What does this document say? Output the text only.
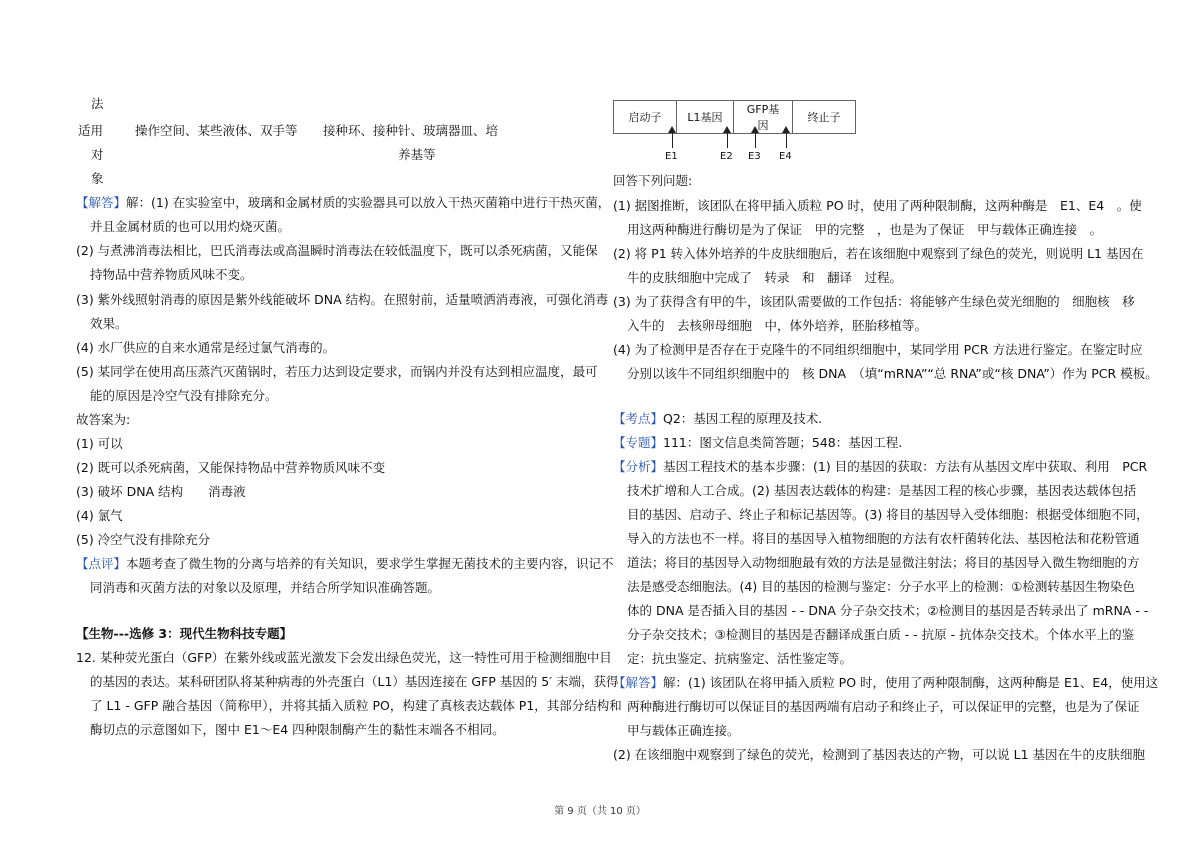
法
适用	操作空间、某些液体、双手等 接种环、接种针、玻璃器皿、培
对	养基等
象
【解答】解：(1) 在实验室中，玻璃和金属材质的实验器具可以放入干热灭菌箱中进行干热灭菌，
并且金属材质的也可以用灼烧灭菌。
(2) 与煮沸消毒法相比，巴氏消毒法或高温瞬时消毒法在较低温度下，既可以杀死病菌，又能保
持物品中营养物质风味不变。
(3) 紫外线照射消毒的原因是紫外线能破坏 DNA 结构。在照射前，适量喷洒消毒液，可强化消毒
效果。
(4) 水厂供应的自来水通常是经过氯气消毒的。
(5) 某同学在使用高压蒸汽灭菌锅时，若压力达到设定要求，而锅内并没有达到相应温度，最可
能的原因是冷空气没有排除充分。
故答案为:
(1) 可以
(2) 既可以杀死病菌，又能保持物品中营养物质风味不变
(3) 破坏 DNA 结构　　消毒液
(4) 氯气
(5) 冷空气没有排除充分
【点评】本题考查了微生物的分离与培养的有关知识，要求学生掌握无菌技术的主要内容，识记不
同消毒和灭菌方法的对象以及原理，并结合所学知识准确答题。
【生物---选修 3：现代生物科技专题】
12. 某种荧光蛋白（GFP）在紫外线或蓝光激发下会发出绿色荧光，这一特性可用于检测细胞中目
的基因的表达。某科研团队将某种病毒的外壳蛋白（L1）基因连接在 GFP 基因的 5′ 末端，获得
了 L1 - GFP 融合基因（简称甲），并将其插入质粒 PO，构建了真核表达载体 P1，其部分结构和
酶切点的示意图如下，图中 E1～E4 四种限制酶产生的黏性末端各不相同。
启动子	L1基因	GFP基因	终止子
E1	E2 E3 E4
回答下列问题:
(1) 据图推断，该团队在将甲插入质粒 PO 时，使用了两种限制酶，这两种酶是　E1、E4　。使
用这两种酶进行酶切是为了保证　甲的完整　，也是为了保证　甲与载体正确连接　。
(2) 将 P1 转入体外培养的牛皮肤细胞后，若在该细胞中观察到了绿色的荧光，则说明 L1 基因在
牛的皮肤细胞中完成了　转录　和　翻译　过程。
(3) 为了获得含有甲的牛，该团队需要做的工作包括：将能够产生绿色荧光细胞的　细胞核　移
入牛的　去核卵母细胞　中，体外培养，胚胎移植等。
(4) 为了检测甲是否存在于克隆牛的不同组织细胞中，某同学用 PCR 方法进行鉴定。在鉴定时应
分别以该牛不同组织细胞中的　核 DNA　（填“mRNA”“总 RNA”或“核 DNA”）作为 PCR 模板。
【考点】Q2：基因工程的原理及技术.
【专题】111：图文信息类简答题；548：基因工程.
【分析】基因工程技术的基本步骤：(1) 目的基因的获取：方法有从基因文库中获取、利用　PCR
技术扩增和人工合成。(2) 基因表达载体的构建：是基因工程的核心步骤，基因表达载体包括
目的基因、启动子、终止子和标记基因等。(3) 将目的基因导入受体细胞：根据受体细胞不同，
导入的方法也不一样。将目的基因导入植物细胞的方法有农杆菌转化法、基因枪法和花粉管通
道法；将目的基因导入动物细胞最有效的方法是显微注射法；将目的基因导入微生物细胞的方
法是感受态细胞法。(4) 目的基因的检测与鉴定：分子水平上的检测：①检测转基因生物染色
体的 DNA 是否插入目的基因 - - DNA 分子杂交技术；②检测目的基因是否转录出了 mRNA - -
分子杂交技术；③检测目的基因是否翻译成蛋白质 - - 抗原 - 抗体杂交技术。个体水平上的鉴
定：抗虫鉴定、抗病鉴定、活性鉴定等。
【解答】解：(1) 该团队在将甲插入质粒 PO 时，使用了两种限制酶，这两种酶是 E1、E4，使用这
两种酶进行酶切可以保证目的基因两端有启动子和终止子，可以保证甲的完整，也是为了保证
甲与载体正确连接。
(2) 在该细胞中观察到了绿色的荧光，检测到了基因表达的产物，可以说 L1 基因在牛的皮肤细胞
第 9 页（共 10 页）
